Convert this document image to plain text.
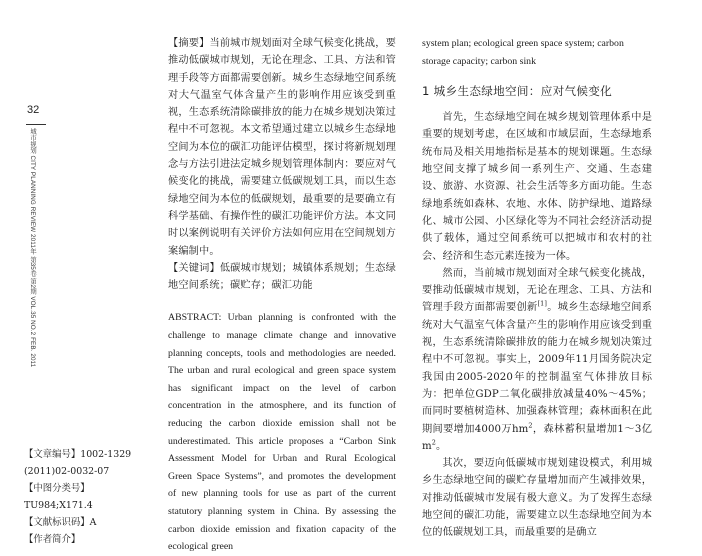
32
城市规划 CITY PLANNING REVIEW 2011年 第35卷 第2期 VOL.35 NO.2 FEB. 2011

【文章编号】1002-1329 (2011)02-0032-07

【中图分类号】TU984;X171.4

【文献标识码】A

【作者简介】

【摘要】当前城市规划面对全球气候变化挑战，要推动低碳城市规划，无论在理念、工具、方法和管理手段等方面都需要创新。城乡生态绿地空间系统对大气温室气体含量产生的影响作用应该受到重视，生态系统清除碳排放的能力在城乡规划决策过程中不可忽视。本文希望通过建立以城乡生态绿地空间为本位的碳汇功能评估模型，探讨将新规划理念与方法引进法定城乡规划管理体制内：要应对气候变化的挑战，需要建立低碳规划工具，而以生态绿地空间为本位的低碳规划，最重要的是要确立有科学基础、有操作性的碳汇功能评价方法。本文同时以案例说明有关评价方法如何应用在空间规划方案编制中。

【关键词】低碳城市规划；城镇体系规划；生态绿地空间系统；碳贮存；碳汇功能

ABSTRACT: Urban planning is confronted with the challenge to manage climate change and innovative planning concepts, tools and methodologies are needed. The urban and rural ecological and green space system has significant impact on the level of carbon concentration in the atmosphere, and its function of reducing the carbon dioxide emission shall not be underestimated. This article proposes a “Carbon Sink Assessment Model for Urban and Rural Ecological Green Space Systems”, and promotes the development of new planning tools for use as part of the current statutory planning system in China. By assessing the carbon dioxide emission and fixation capacity of the ecological green

system plan; ecological green space system; carbon storage capacity; carbon sink

1 城乡生态绿地空间：应对气候变化

首先，生态绿地空间在城乡规划管理体系中是重要的规划考虑，在区域和市域层面，生态绿地系统布局及相关用地指标是基本的规划课题。生态绿地空间支撑了城乡间一系列生产、交通、生态建设、旅游、水资源、社会生活等多方面功能。生态绿地系统如森林、农地、水体、防护绿地、道路绿化、城市公园、小区绿化等为不同社会经济活动提供了载体，通过空间系统可以把城市和农村的社会、经济和生态元素连接为一体。

然而，当前城市规划面对全球气候变化挑战，要推动低碳城市规划，无论在理念、工具、方法和管理手段方面都需要创新[1]。城乡生态绿地空间系统对大气温室气体含量产生的影响作用应该受到重视，生态系统清除碳排放的能力在城乡规划决策过程中不可忽视。事实上，2009年11月国务院决定我国由2005-2020年的控制温室气体排放目标为：把单位GDP二氧化碳排放减量40%～45%；而同时要植树造林、加强森林管理；森林面积在此期间要增加4000万$hm^2$，森林蓄积量增加1～3亿$m^2$。

其次，要迈向低碳城市规划建设模式，利用城乡生态绿地空间的碳贮存量增加而产生减排效果，对推动低碳城市发展有极大意义。为了发挥生态绿地空间的碳汇功能，需要建立以生态绿地空间为本位的低碳规划工具，而最重要的是确立
